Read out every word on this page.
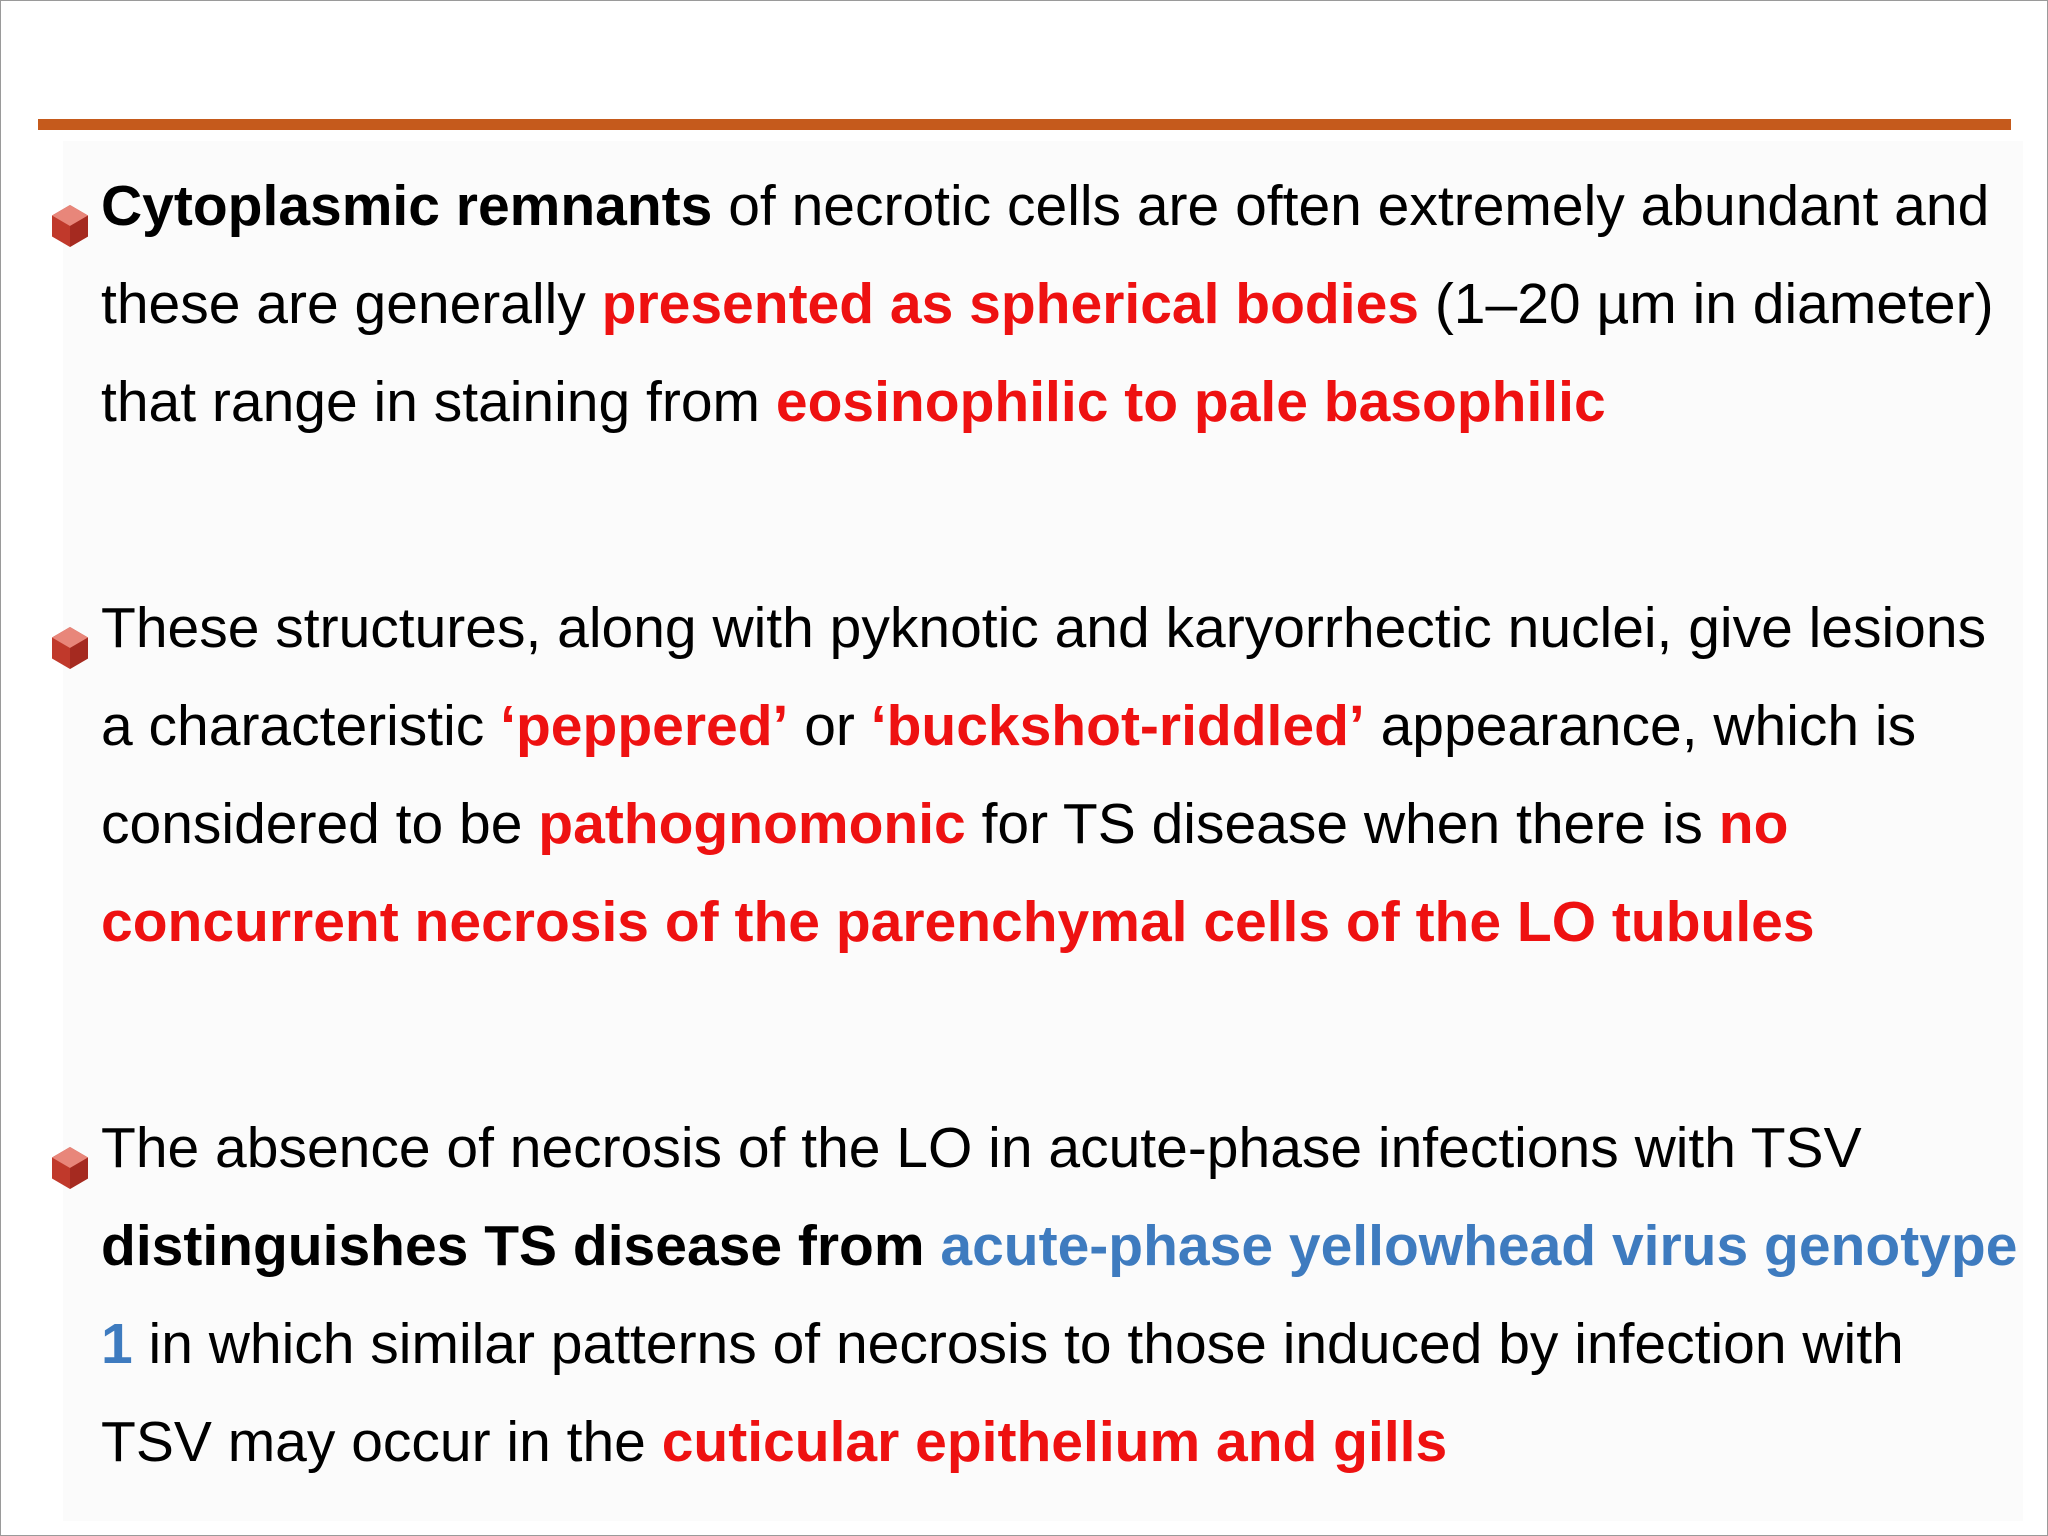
Cytoplasmic remnants of necrotic cells are often extremely abundant and these are generally presented as spherical bodies (1–20 µm in diameter) that range in staining from eosinophilic to pale basophilic
These structures, along with pyknotic and karyorrhectic nuclei, give lesions a characteristic ‘peppered’ or ‘buckshot-riddled’ appearance, which is considered to be pathognomonic for TS disease when there is no concurrent necrosis of the parenchymal cells of the LO tubules
The absence of necrosis of the LO in acute-phase infections with TSV distinguishes TS disease from acute-phase yellowhead virus genotype 1 in which similar patterns of necrosis to those induced by infection with TSV may occur in the cuticular epithelium and gills
